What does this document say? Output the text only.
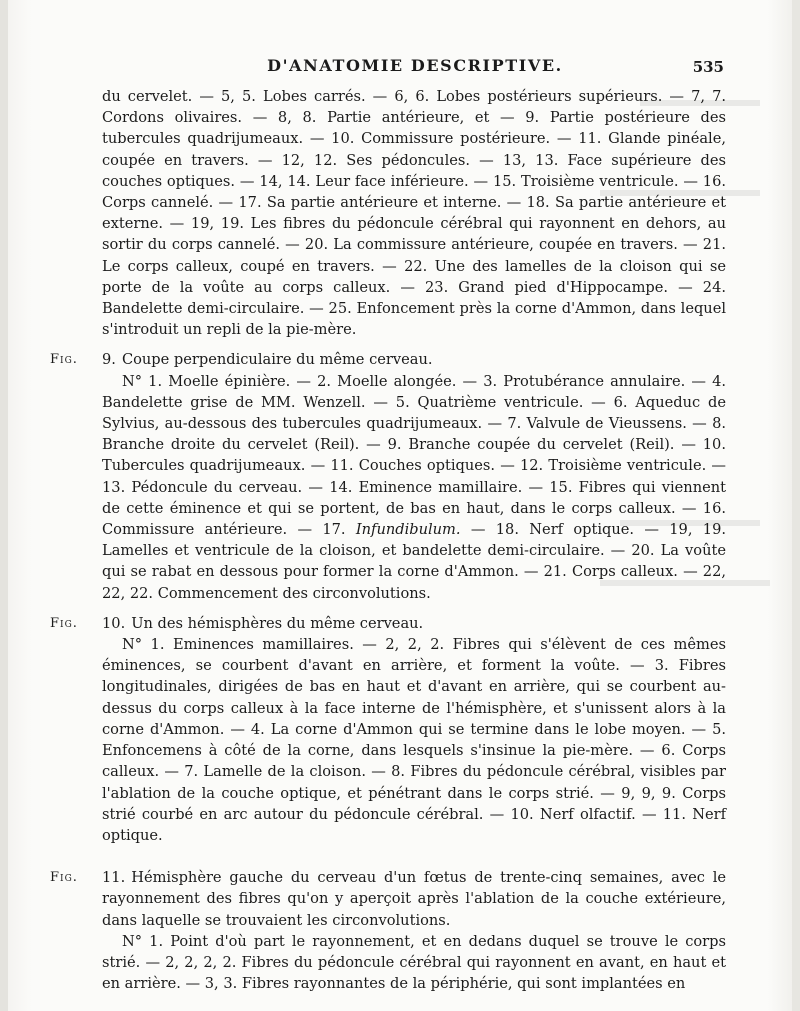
D'ANATOMIE DESCRIPTIVE.	535

du cervelet. — 5, 5. Lobes carrés. — 6, 6. Lobes postérieurs supérieurs. — 7, 7. Cordons olivaires. — 8, 8. Partie antérieure, et — 9. Partie postérieure des tubercules quadrijumeaux. — 10. Commissure postérieure. — 11. Glande pinéale, coupée en travers. — 12, 12. Ses pédoncules. — 13, 13. Face supérieure des couches optiques. — 14, 14. Leur face inférieure. — 15. Troisième ventricule. — 16. Corps cannelé. — 17. Sa partie antérieure et interne. — 18. Sa partie antérieure et externe. — 19, 19. Les fibres du pédoncule cérébral qui rayonnent en dehors, au sortir du corps cannelé. — 20. La commissure antérieure, coupée en travers. — 21. Le corps calleux, coupé en travers. — 22. Une des lamelles de la cloison qui se porte de la voûte au corps calleux. — 23. Grand pied d'Hippocampe. — 24. Bandelette demi-circulaire. — 25. Enfoncement près la corne d'Ammon, dans lequel s'introduit un repli de la pie-mère.

Fig.	9. Coupe perpendiculaire du même cerveau.

N° 1. Moelle épinière. — 2. Moelle alongée. — 3. Protubérance annulaire. — 4. Bandelette grise de MM. Wenzell. — 5. Quatrième ventricule. — 6. Aqueduc de Sylvius, au-dessous des tubercules quadrijumeaux. — 7. Valvule de Vieussens. — 8. Branche droite du cervelet (Reil). — 9. Branche coupée du cervelet (Reil). — 10. Tubercules quadrijumeaux. — 11. Couches optiques. — 12. Troisième ventricule. — 13. Pédoncule du cerveau. — 14. Eminence mamillaire. — 15. Fibres qui viennent de cette éminence et qui se portent, de bas en haut, dans le corps calleux. — 16. Commissure antérieure. — 17. Infundibulum. — 18. Nerf optique. — 19, 19. Lamelles et ventricule de la cloison, et bandelette demi-circulaire. — 20. La voûte qui se rabat en dessous pour former la corne d'Ammon. — 21. Corps calleux. — 22, 22, 22. Commencement des circonvolutions.

Fig.	10. Un des hémisphères du même cerveau.

N° 1. Eminences mamillaires. — 2, 2, 2. Fibres qui s'élèvent de ces mêmes éminences, se courbent d'avant en arrière, et forment la voûte. — 3. Fibres longitudinales, dirigées de bas en haut et d'avant en arrière, qui se courbent au-dessus du corps calleux à la face interne de l'hémisphère, et s'unissent alors à la corne d'Ammon. — 4. La corne d'Ammon qui se termine dans le lobe moyen. — 5. Enfoncemens à côté de la corne, dans lesquels s'insinue la pie-mère. — 6. Corps calleux. — 7. Lamelle de la cloison. — 8. Fibres du pédoncule cérébral, visibles par l'ablation de la couche optique, et pénétrant dans le corps strié. — 9, 9, 9. Corps strié courbé en arc autour du pédoncule cérébral. — 10. Nerf olfactif. — 11. Nerf optique.

Fig.	11. Hémisphère gauche du cerveau d'un fœtus de trente-cinq semaines, avec le rayonnement des fibres qu'on y aperçoit après l'ablation de la couche extérieure, dans laquelle se trouvaient les circonvolutions.

N° 1. Point d'où part le rayonnement, et en dedans duquel se trouve le corps strié. — 2, 2, 2, 2. Fibres du pédoncule cérébral qui rayonnent en avant, en haut et en arrière. — 3, 3. Fibres rayonnantes de la périphérie, qui sont implantées en
